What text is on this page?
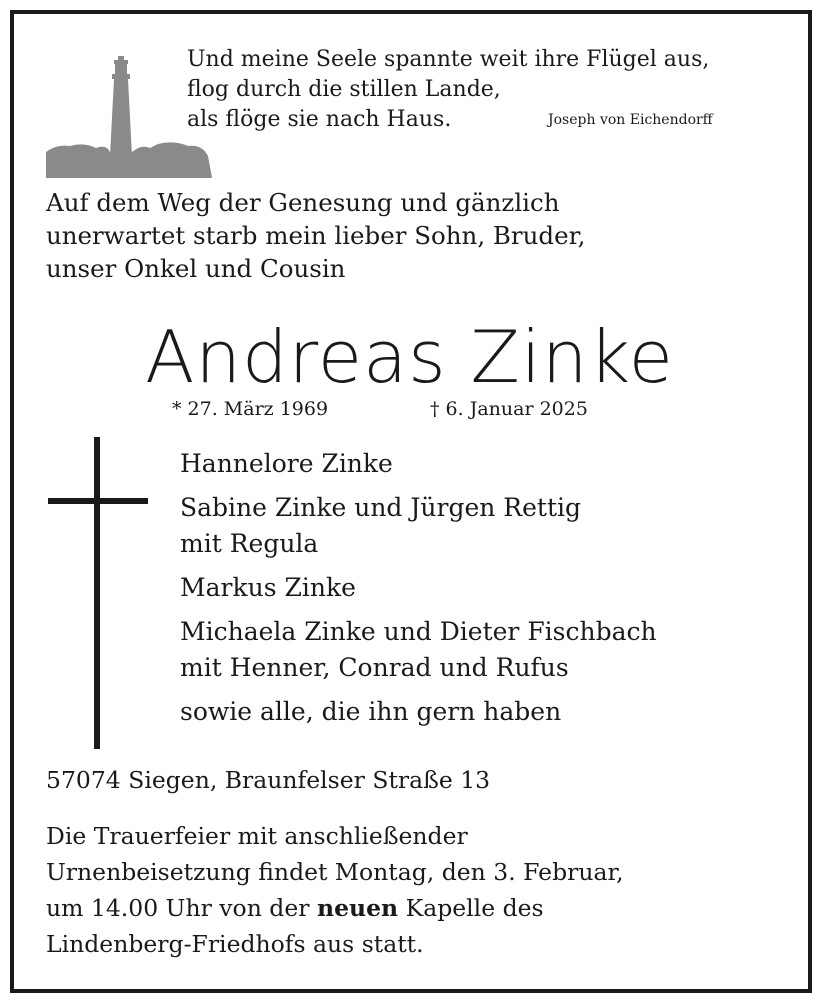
Und meine Seele spannte weit ihre Flügel aus,
flog durch die stillen Lande,
als flöge sie nach Haus.	Joseph von Eichendorff
Auf dem Weg der Genesung und gänzlich
unerwartet starb mein lieber Sohn, Bruder,
unser Onkel und Cousin
Andreas Zinke
* 27. März 1969	† 6. Januar 2025
Hannelore Zinke
Sabine Zinke und Jürgen Rettig
mit Regula
Markus Zinke
Michaela Zinke und Dieter Fischbach
mit Henner, Conrad und Rufus
sowie alle, die ihn gern haben
57074 Siegen, Braunfelser Straße 13
Die Trauerfeier mit anschließender
Urnenbeisetzung findet Montag, den 3. Februar,
um 14.00 Uhr von der neuen Kapelle des
Lindenberg-Friedhofs aus statt.
